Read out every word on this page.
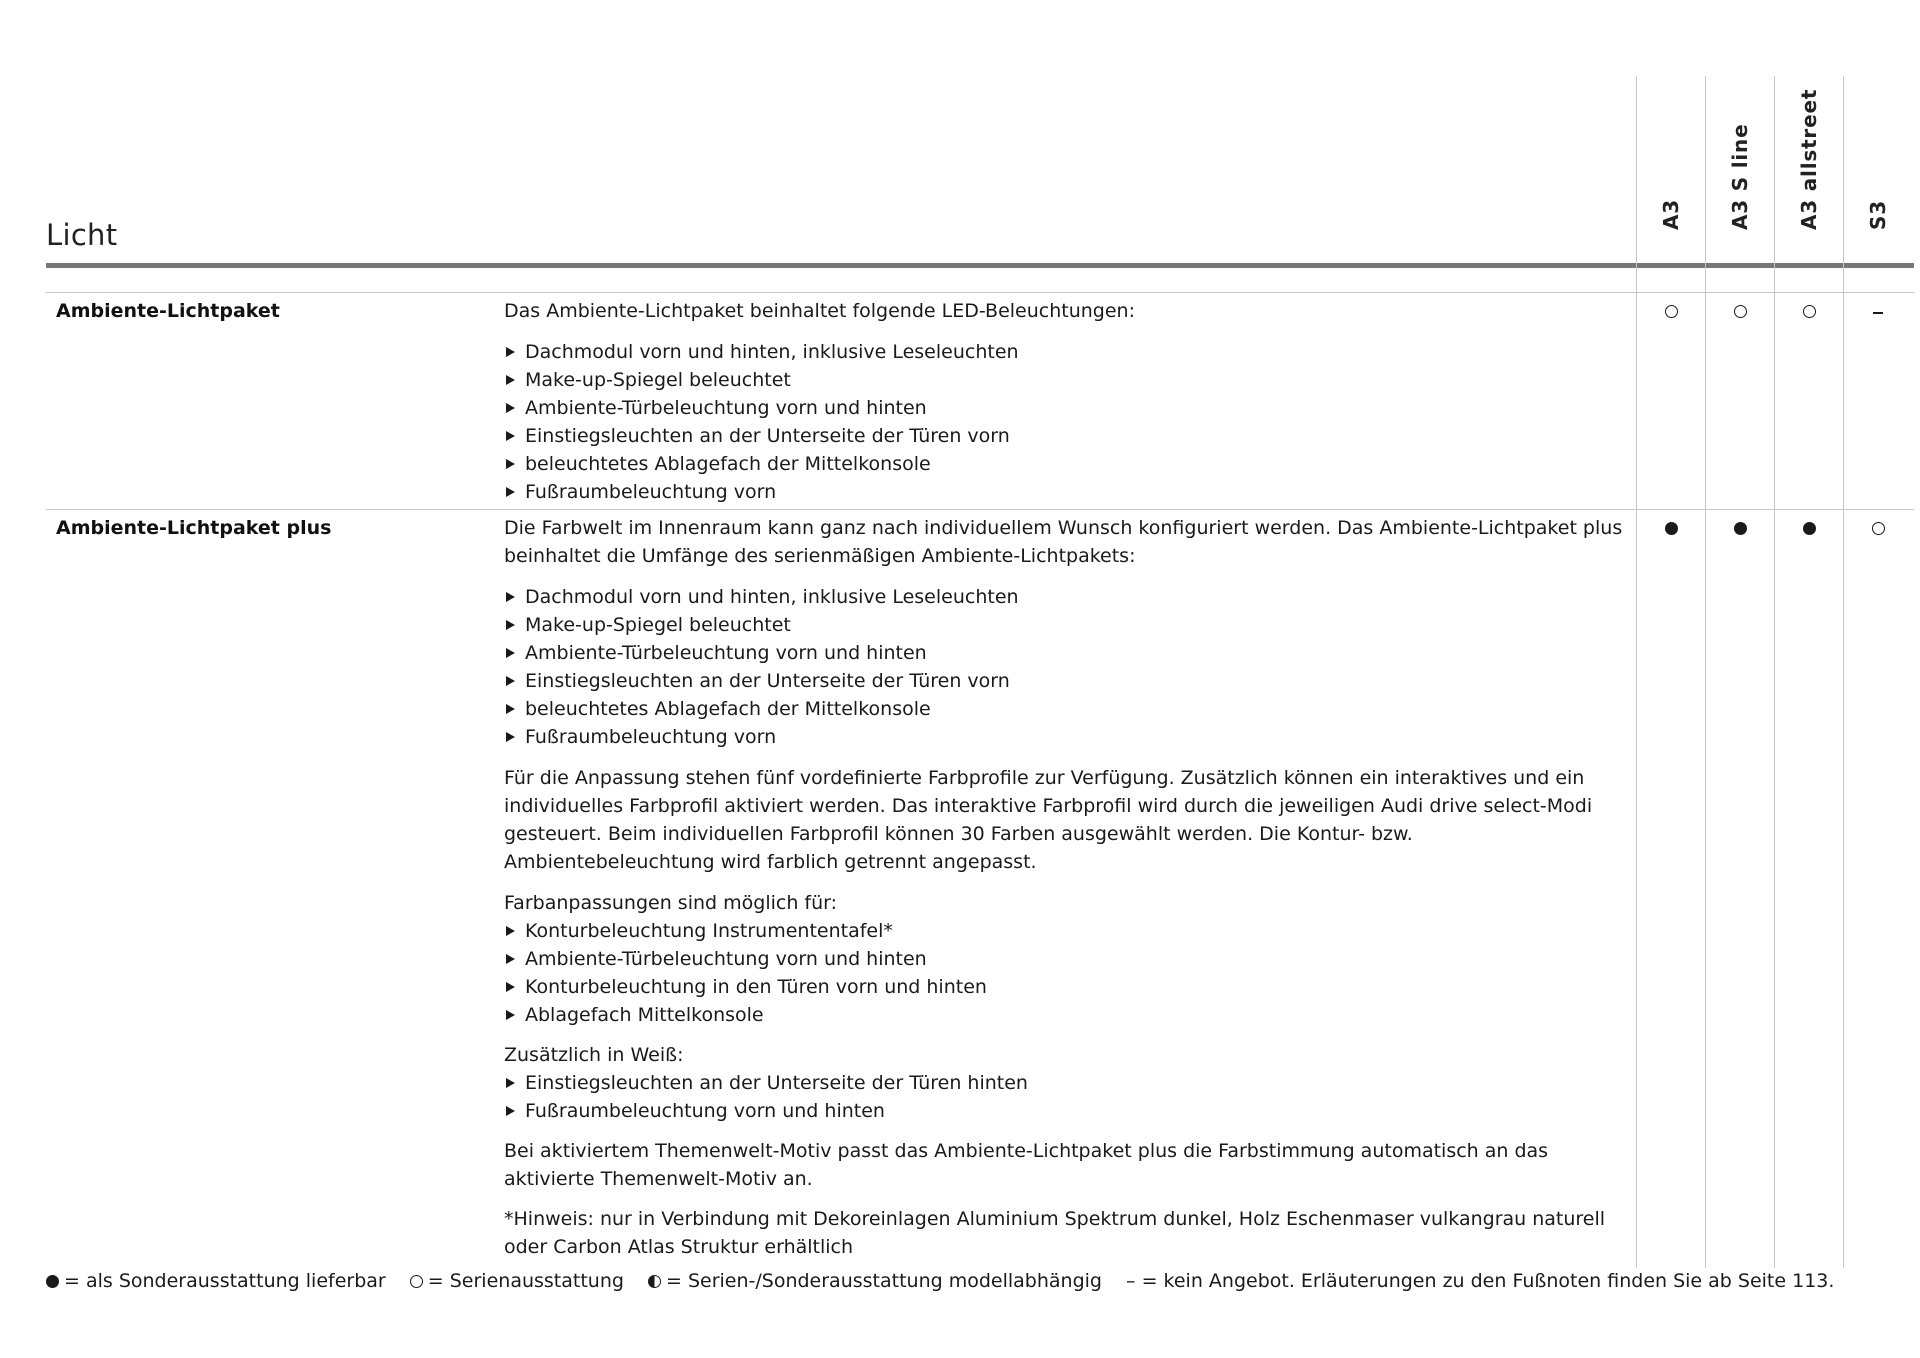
Licht
A3 A3 S line A3 allstreet S3
Ambiente-Lichtpaket	Das Ambiente-Lichtpaket beinhaltet folgende LED-Beleuchtungen:

Dachmodul vorn und hinten, inklusive Leseleuchten
Make-up-Spiegel beleuchtet
Ambiente-Türbeleuchtung vorn und hinten
Einstiegsleuchten an der Unterseite der Türen vorn
beleuchtetes Ablagefach der Mittelkonsole
Fußraumbeleuchtung vorn
Ambiente-Lichtpaket plus	Die Farbwelt im Innenraum kann ganz nach individuellem Wunsch konfiguriert werden. Das Ambiente-Lichtpaket plus beinhaltet die Umfänge des serienmäßigen Ambiente-Lichtpakets:

Dachmodul vorn und hinten, inklusive Leseleuchten
Make-up-Spiegel beleuchtet
Ambiente-Türbeleuchtung vorn und hinten
Einstiegsleuchten an der Unterseite der Türen vorn
beleuchtetes Ablagefach der Mittelkonsole
Fußraumbeleuchtung vorn

Für die Anpassung stehen fünf vordefinierte Farbprofile zur Verfügung. Zusätzlich können ein interaktives und ein individuelles Farbprofil aktiviert werden. Das interaktive Farbprofil wird durch die jeweiligen Audi drive select-Modi gesteuert. Beim individuellen Farbprofil können 30 Farben ausgewählt werden. Die Kontur- bzw. Ambientebeleuchtung wird farblich getrennt angepasst.

Farbanpassungen sind möglich für:

Konturbeleuchtung Instrumententafel*
Ambiente-Türbeleuchtung vorn und hinten
Konturbeleuchtung in den Türen vorn und hinten
Ablagefach Mittelkonsole

Zusätzlich in Weiß:

Einstiegsleuchten an der Unterseite der Türen hinten
Fußraumbeleuchtung vorn und hinten

Bei aktiviertem Themenwelt-Motiv passt das Ambiente-Lichtpaket plus die Farbstimmung automatisch an das aktivierte Themenwelt-Motiv an.

*Hinweis: nur in Verbindung mit Dekoreinlagen Aluminium Spektrum dunkel, Holz Eschenmaser vulkangrau naturell oder Carbon Atlas Struktur erhältlich

= als Sonderausstattung lieferbar = Serienausstattung = Serien-/Sonderausstattung modellabhängig – = kein Angebot. Erläuterungen zu den Fußnoten finden Sie ab Seite 113.
